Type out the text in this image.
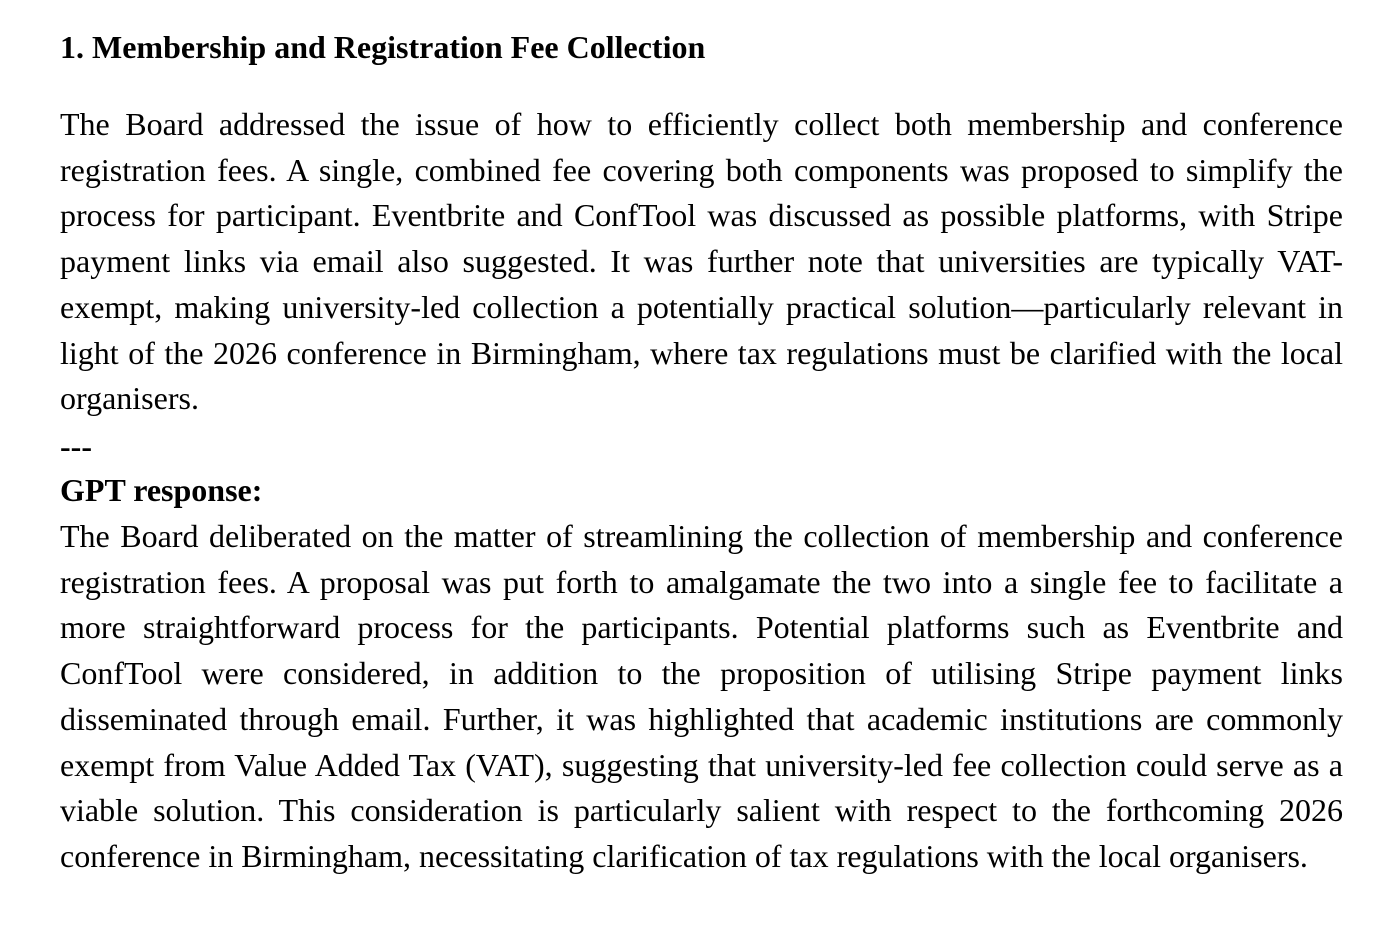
1. Membership and Registration Fee Collection

The Board addressed the issue of how to efficiently collect both membership and conference registration fees. A single, combined fee covering both components was proposed to simplify the process for participant. Eventbrite and ConfTool was discussed as possible platforms, with Stripe payment links via email also suggested. It was further note that universities are typically VAT-exempt, making university-led collection a potentially practical solution—particularly relevant in light of the 2026 conference in Birmingham, where tax regulations must be clarified with the local organisers.

---

GPT response:

The Board deliberated on the matter of streamlining the collection of membership and conference registration fees. A proposal was put forth to amalgamate the two into a single fee to facilitate a more straightforward process for the participants. Potential platforms such as Eventbrite and ConfTool were considered, in addition to the proposition of utilising Stripe payment links disseminated through email. Further, it was highlighted that academic institutions are commonly exempt from Value Added Tax (VAT), suggesting that university-led fee collection could serve as a viable solution. This consideration is particularly salient with respect to the forthcoming 2026 conference in Birmingham, necessitating clarification of tax regulations with the local organisers.
